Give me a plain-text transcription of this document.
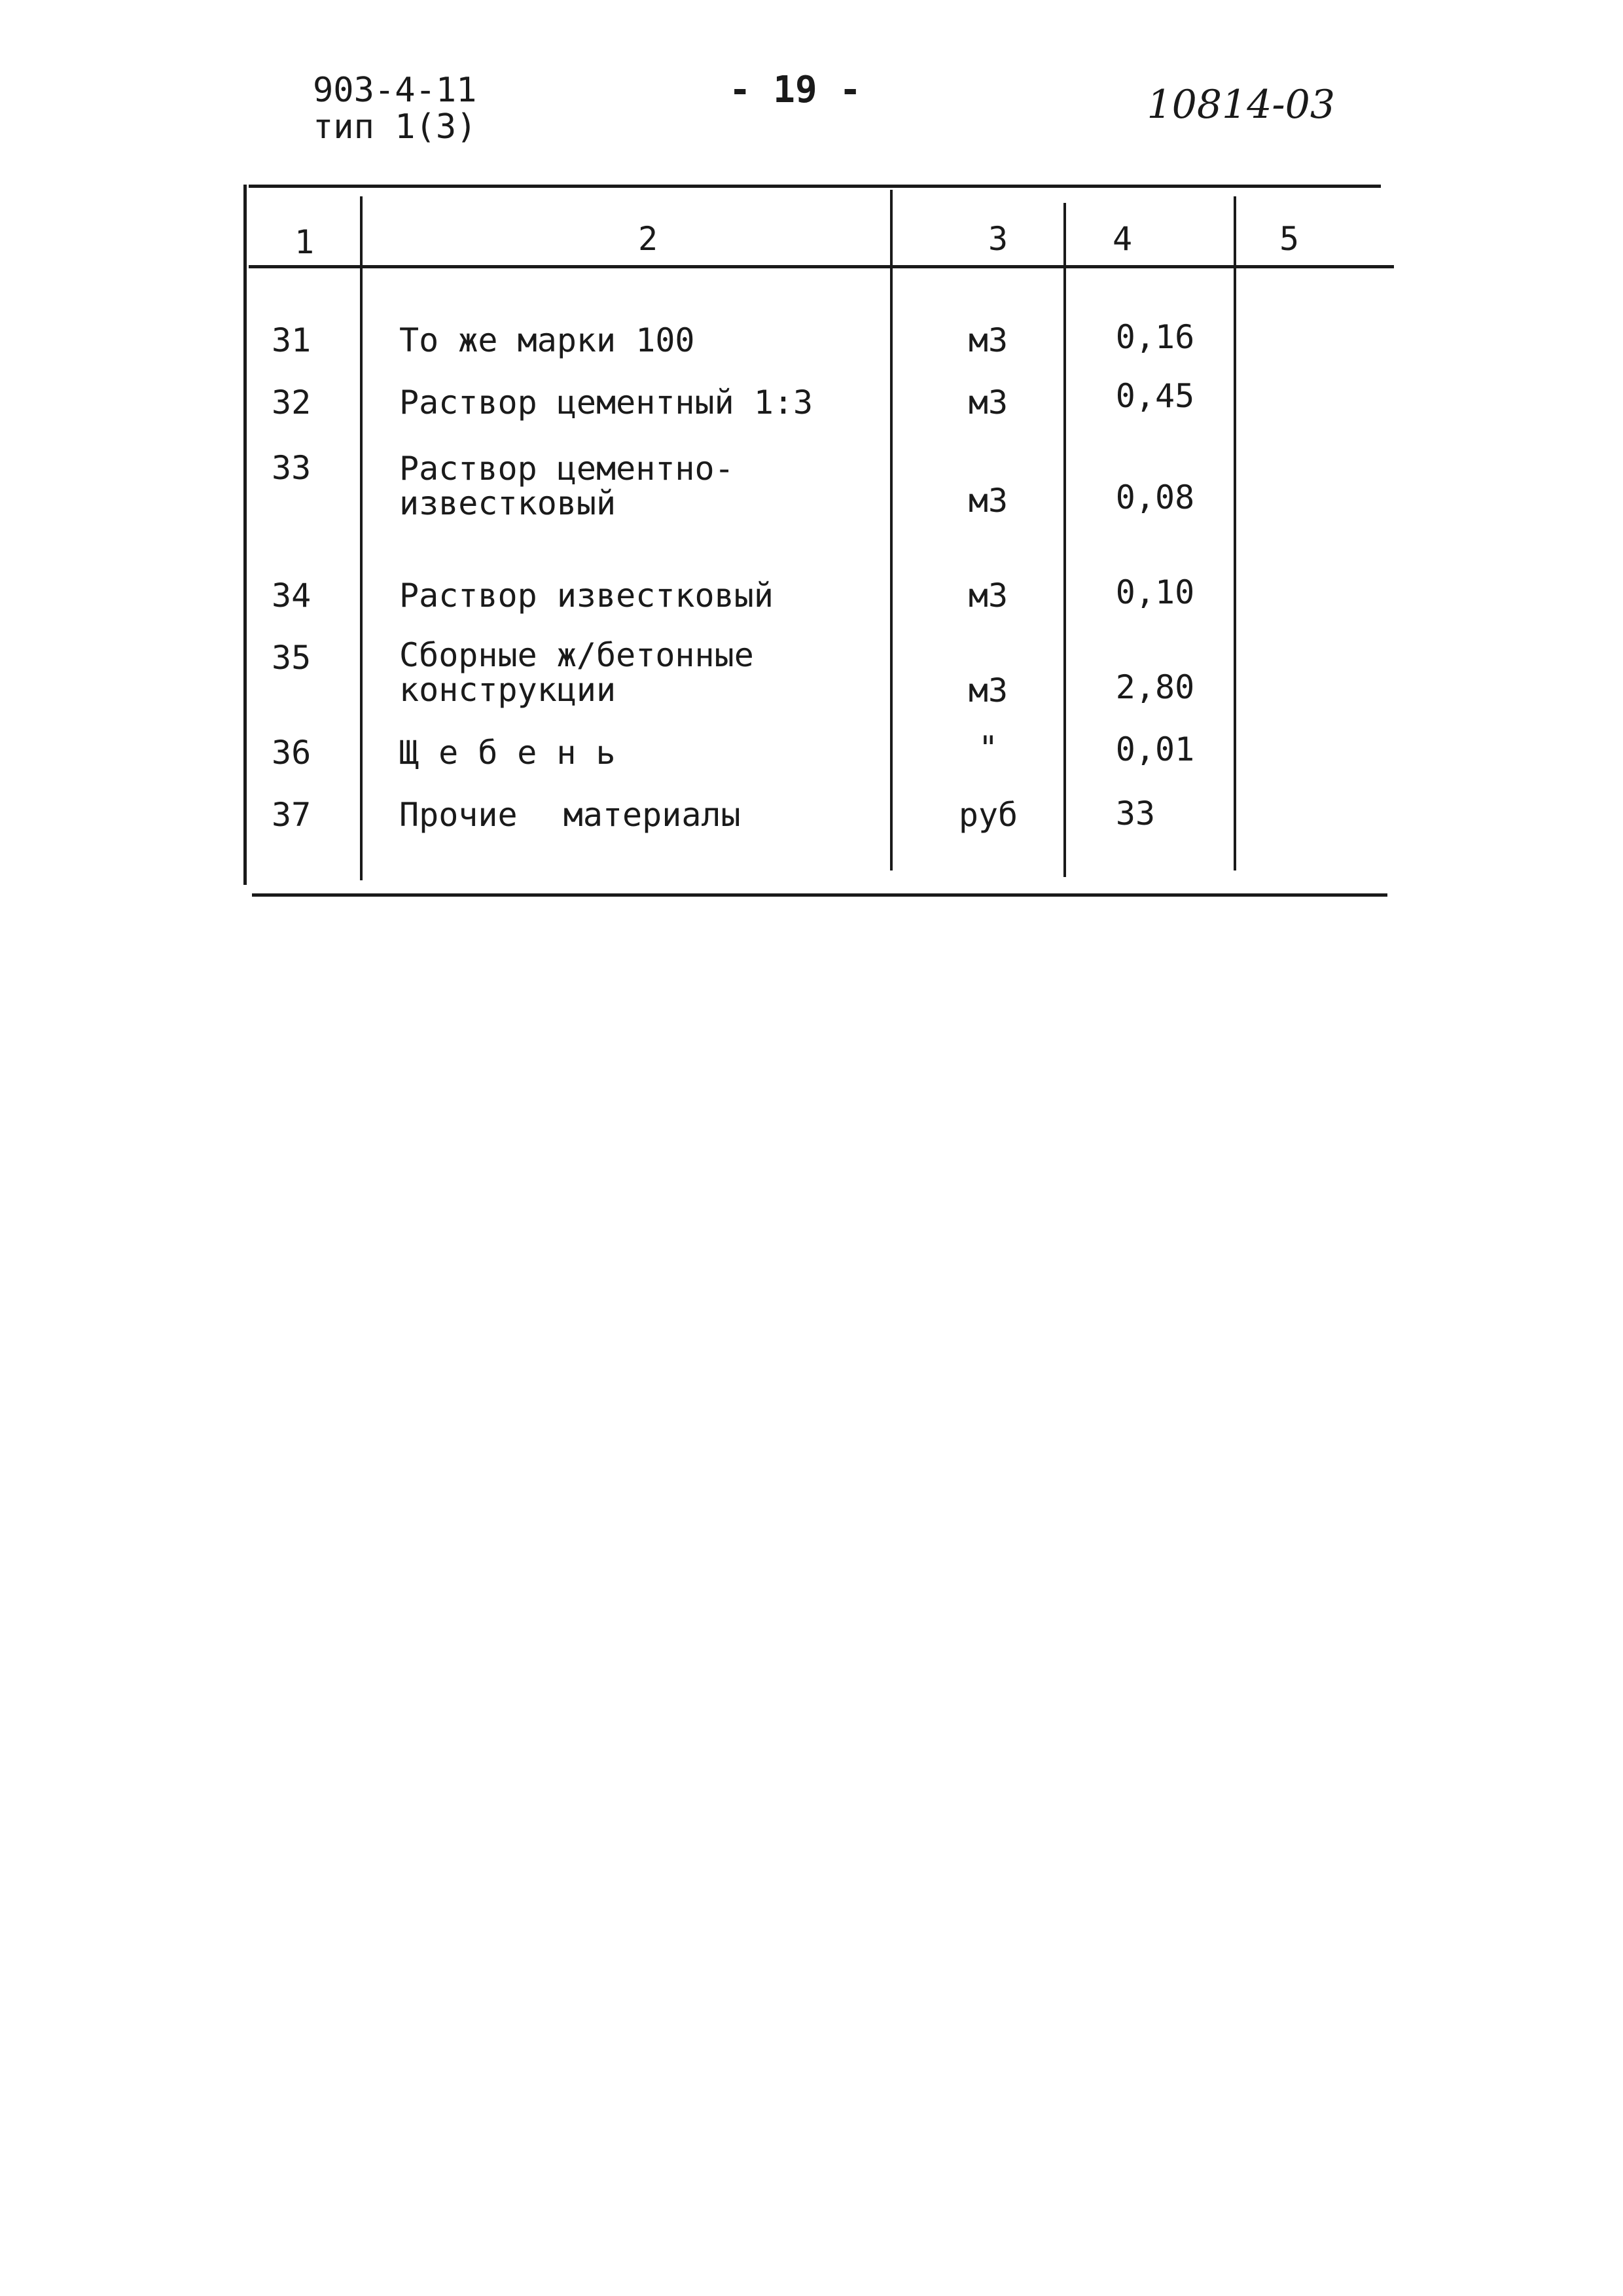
903-4-11
тип 1(3)
- 19 -	10814-03
1	2	3	4	5
31	То же марки 100	м3	0,16
32	Раствор цементный 1:3	м3	0,45
33	Раствор цементно-известковый	м3	0,08
34	Раствор известковый	м3	0,10
35	Сборные ж/бетонные конструкции	м3	2,80
36	Щебень	"	0,01
37	Прочие материалы	руб	33
